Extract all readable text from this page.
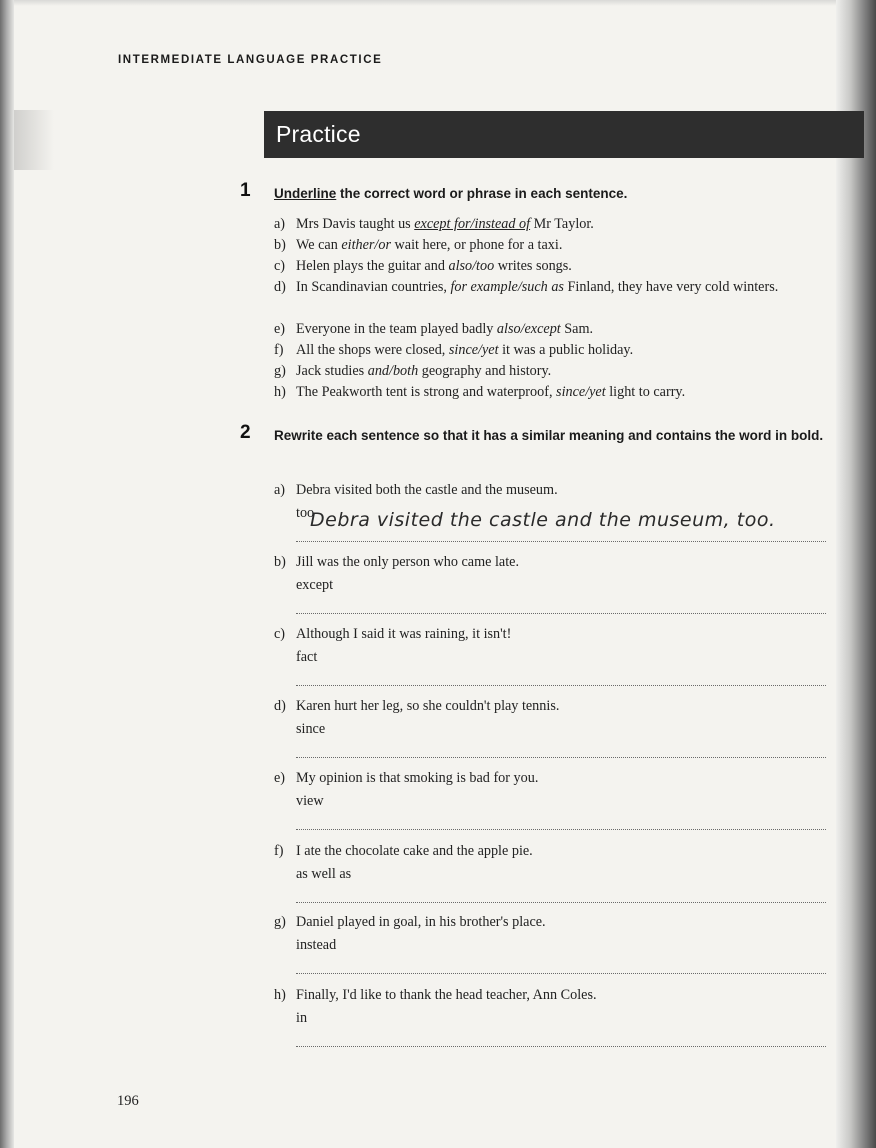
INTERMEDIATE LANGUAGE PRACTICE
Practice
1 Underline the correct word or phrase in each sentence.
a) Mrs Davis taught us except for/instead of Mr Taylor.
b) We can either/or wait here, or phone for a taxi.
c) Helen plays the guitar and also/too writes songs.
d) In Scandinavian countries, for example/such as Finland, they have very cold winters.
e) Everyone in the team played badly also/except Sam.
f) All the shops were closed, since/yet it was a public holiday.
g) Jack studies and/both geography and history.
h) The Peakworth tent is strong and waterproof, since/yet light to carry.
2 Rewrite each sentence so that it has a similar meaning and contains the word in bold.
a) Debra visited both the castle and the museum.
too
Debra visited the castle and the museum, too.
b) Jill was the only person who came late.
except
c) Although I said it was raining, it isn't!
fact
d) Karen hurt her leg, so she couldn't play tennis.
since
e) My opinion is that smoking is bad for you.
view
f) I ate the chocolate cake and the apple pie.
as well as
g) Daniel played in goal, in his brother's place.
instead
h) Finally, I'd like to thank the head teacher, Ann Coles.
in
196
